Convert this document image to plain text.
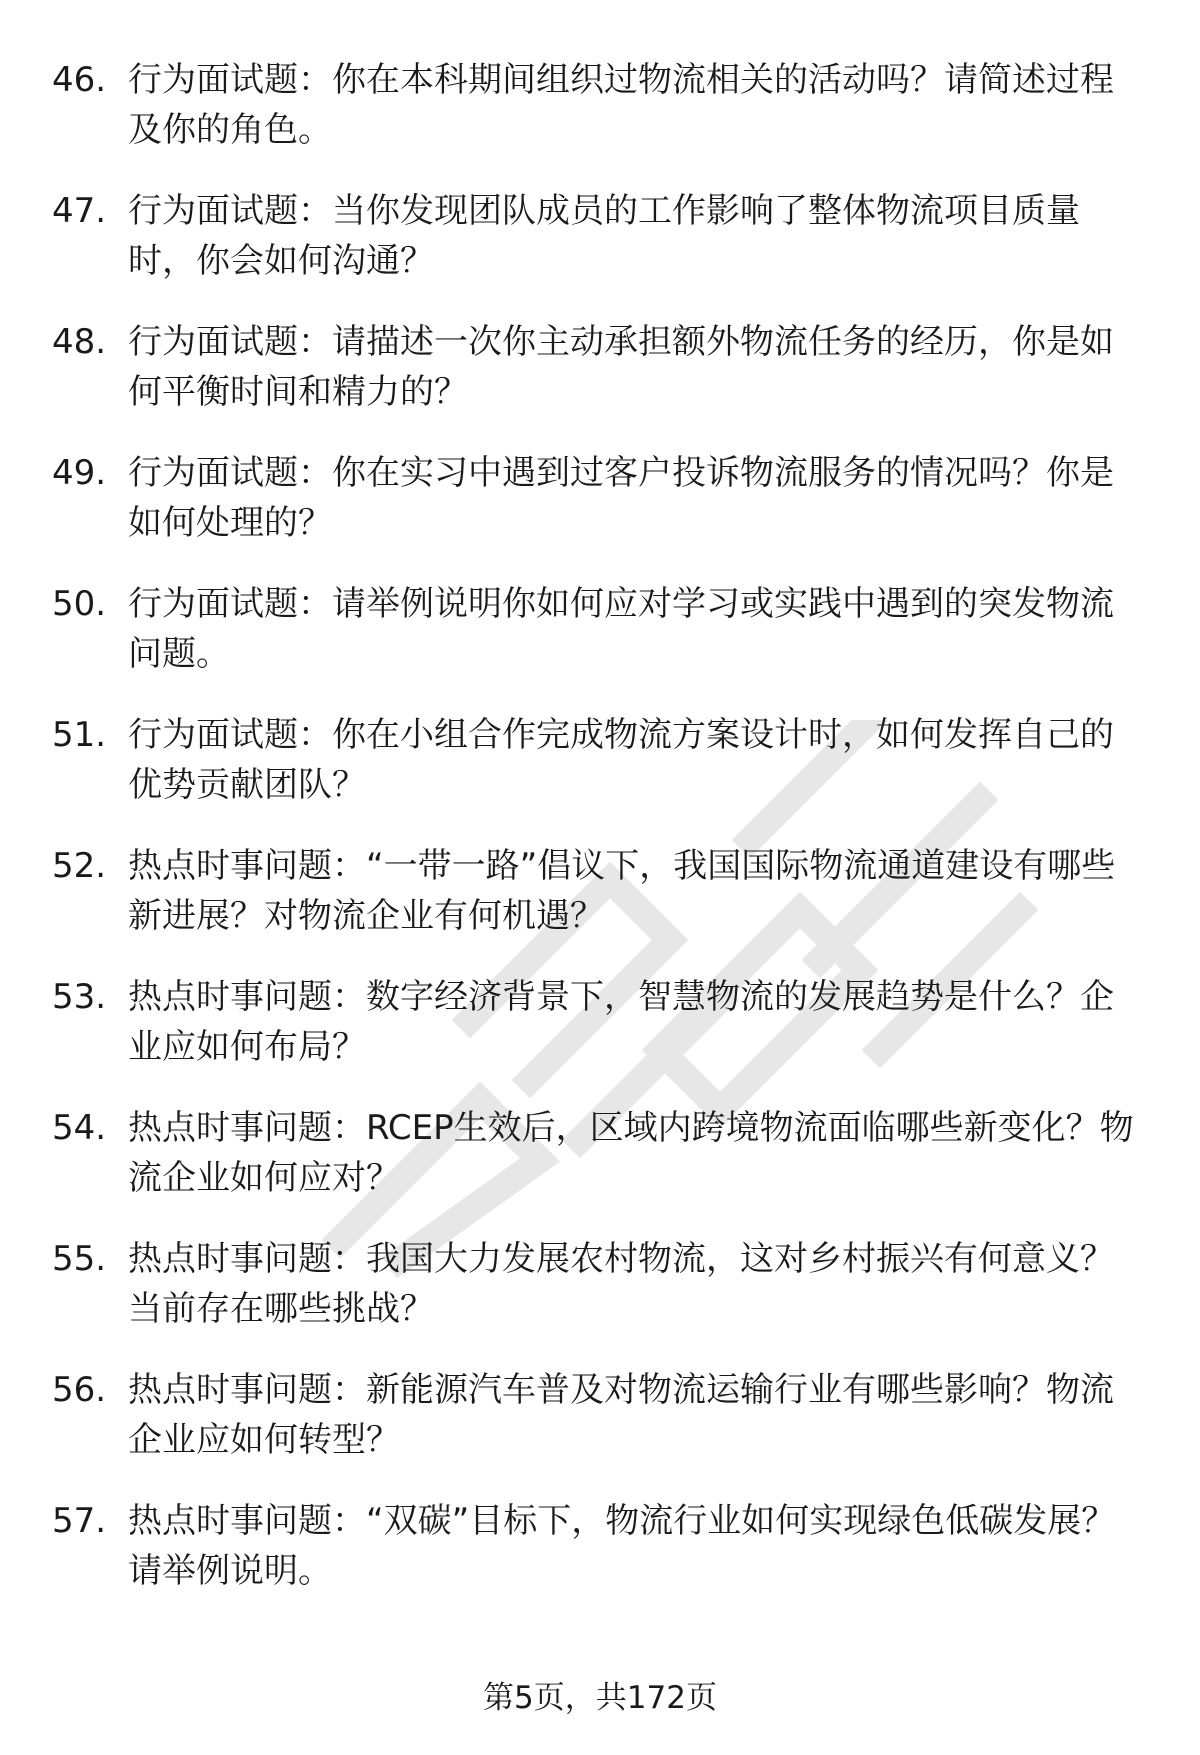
46. 行为面试题：你在本科期间组织过物流相关的活动吗？请简述过程及你的角色。
47. 行为面试题：当你发现团队成员的工作影响了整体物流项目质量时，你会如何沟通？
48. 行为面试题：请描述一次你主动承担额外物流任务的经历，你是如何平衡时间和精力的？
49. 行为面试题：你在实习中遇到过客户投诉物流服务的情况吗？你是如何处理的？
50. 行为面试题：请举例说明你如何应对学习或实践中遇到的突发物流问题。
51. 行为面试题：你在小组合作完成物流方案设计时，如何发挥自己的优势贡献团队？
52. 热点时事问题：“一带一路”倡议下，我国国际物流通道建设有哪些新进展？对物流企业有何机遇？
53. 热点时事问题：数字经济背景下，智慧物流的发展趋势是什么？企业应如何布局？
54. 热点时事问题：RCEP生效后，区域内跨境物流面临哪些新变化？物流企业如何应对？
55. 热点时事问题：我国大力发展农村物流，这对乡村振兴有何意义？当前存在哪些挑战？
56. 热点时事问题：新能源汽车普及对物流运输行业有哪些影响？物流企业应如何转型？
57. 热点时事问题：“双碳”目标下，物流行业如何实现绿色低碳发展？请举例说明。
第5页，共172页
